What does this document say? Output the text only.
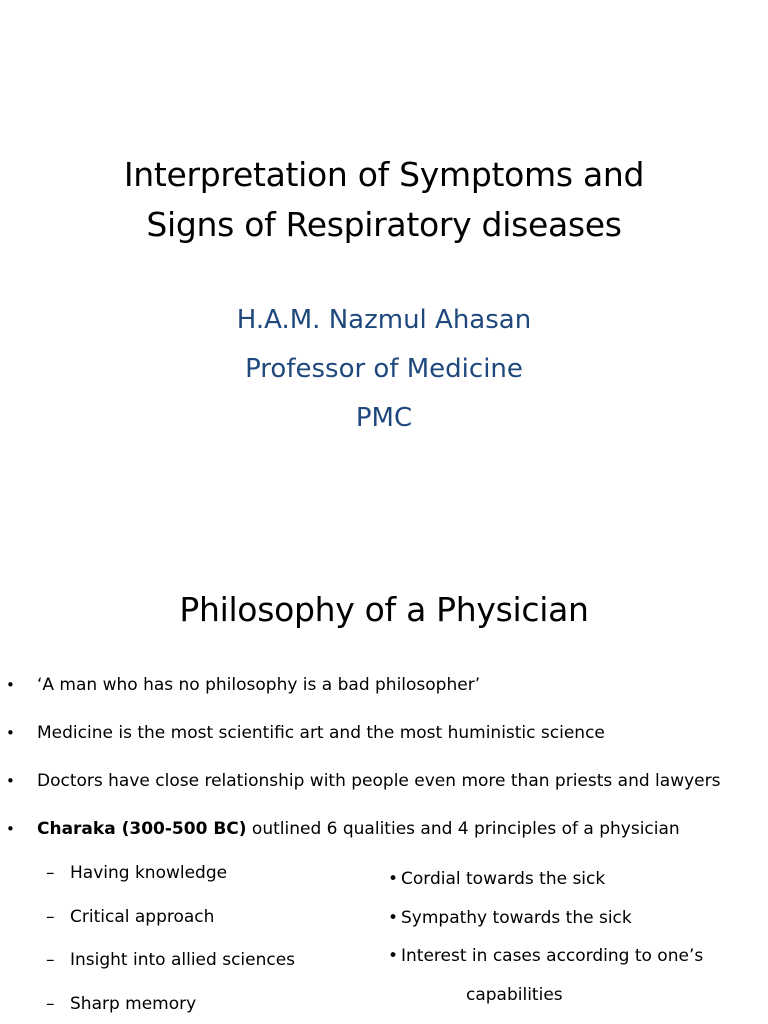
Interpretation of Symptoms and
Signs of Respiratory diseases
H.A.M. Nazmul Ahasan
Professor of Medicine
PMC
Philosophy of a Physician
• ‘A man who has no philosophy is a bad philosopher’
• Medicine is the most scientific art and the most huministic science
• Doctors have close relationship with people even more than priests and lawyers
• Charaka (300-500 BC) outlined 6 qualities and 4 principles of a physician
– Having knowledge
– Critical approach
– Insight into allied sciences
– Sharp memory
• Cordial towards the sick
• Sympathy towards the sick
• Interest in cases according to one’s
capabilities
